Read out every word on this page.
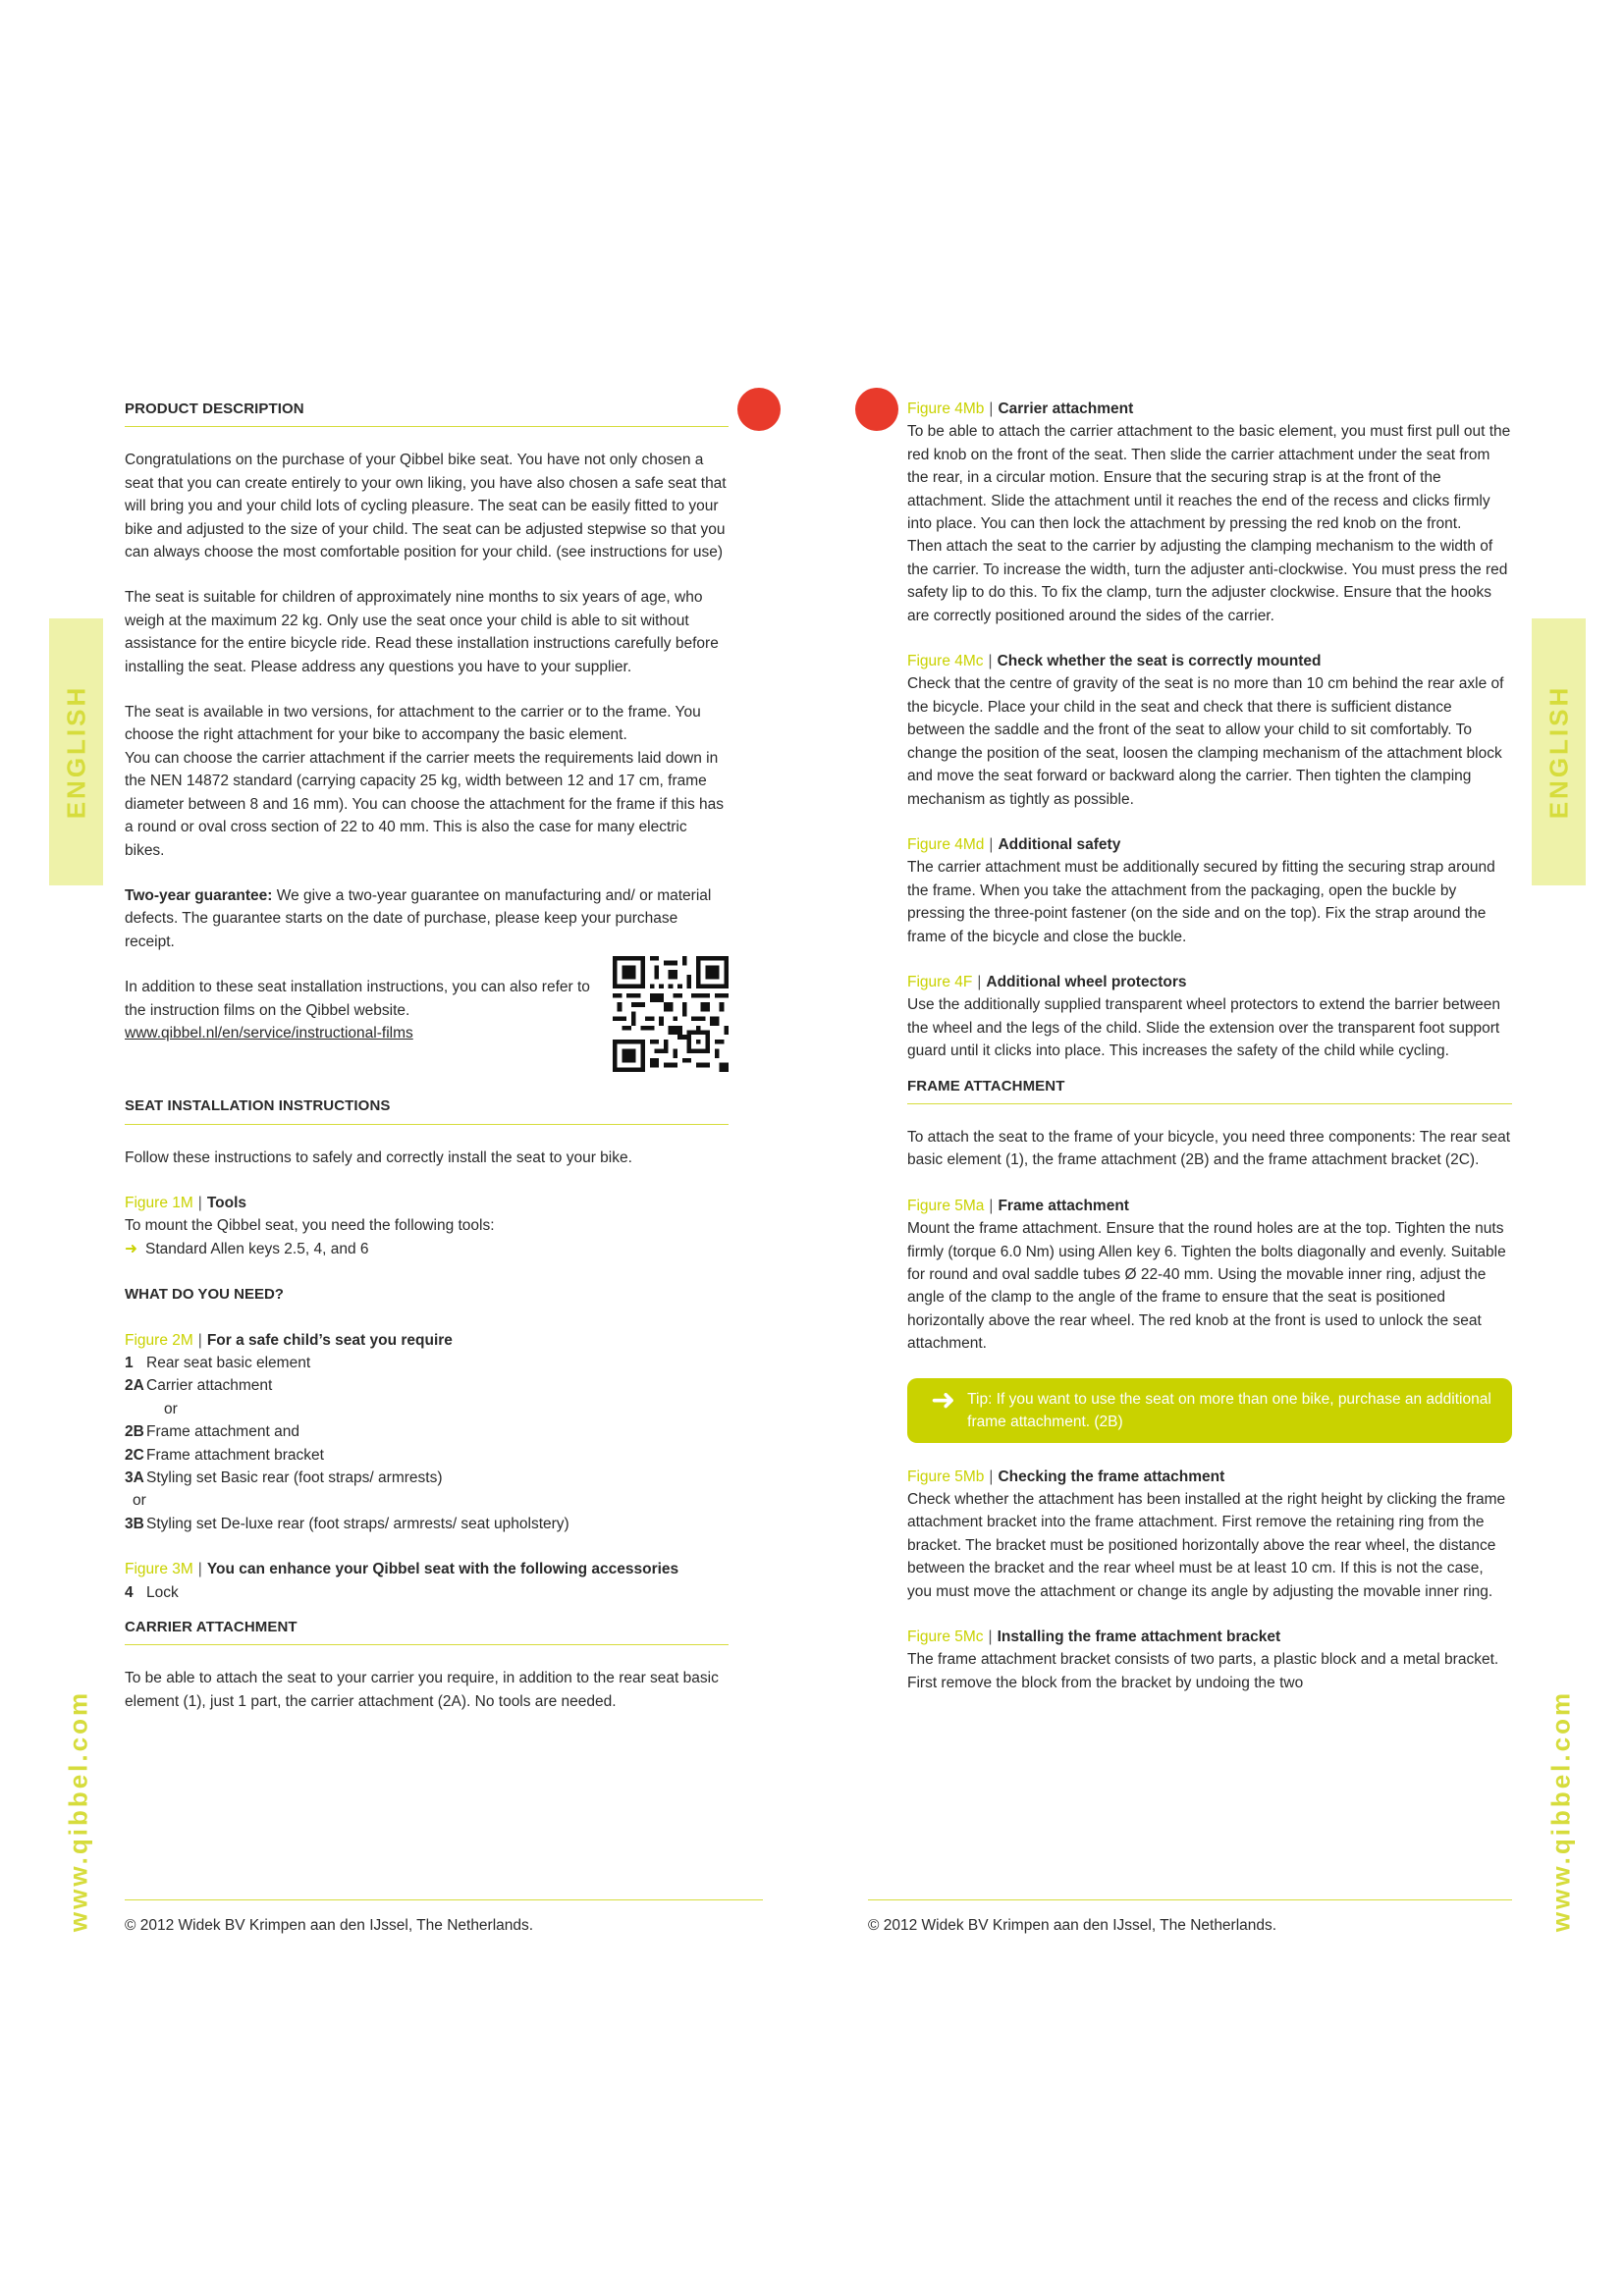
ENGLISH	ENGLISH
www.qibbel.com	www.qibbel.com
PRODUCT DESCRIPTION

Congratulations on the purchase of your Qibbel bike seat. You have not only chosen a seat that you can create entirely to your own liking, you have also chosen a safe seat that will bring you and your child lots of cycling pleasure. The seat can be easily fitted to your bike and adjusted to the size of your child. The seat can be adjusted stepwise so that you can always choose the most comfortable position for your child. (see instructions for use)

The seat is suitable for children of approximately nine months to six years of age, who weigh at the maximum 22 kg. Only use the seat once your child is able to sit without assistance for the entire bicycle ride. Read these installation instructions carefully before installing the seat. Please address any questions you have to your supplier.

The seat is available in two versions, for attachment to the carrier or to the frame. You choose the right attachment for your bike to accompany the basic element.

You can choose the carrier attachment if the carrier meets the requirements laid down in the NEN 14872 standard (carrying capacity 25 kg, width between 12 and 17 cm, frame diameter between 8 and 16 mm). You can choose the attachment for the frame if this has a round or oval cross section of 22 to 40 mm. This is also the case for many electric bikes.

Two-year guarantee: We give a two-year guarantee on manufacturing and/ or material defects. The guarantee starts on the date of purchase, please keep your purchase receipt.

In addition to these seat installation instructions, you can also refer to the instruction films on the Qibbel website.

www.qibbel.nl/en/service/instructional-films

SEAT INSTALLATION INSTRUCTIONS

Follow these instructions to safely and correctly install the seat to your bike.

Figure 1M | Tools

To mount the Qibbel seat, you need the following tools:

➜ Standard Allen keys 2.5, 4, and 6

WHAT DO YOU NEED?

Figure 2M | For a safe child’s seat you require

1 Rear seat basic element

2A Carrier attachment

or

2B Frame attachment and

2C Frame attachment bracket

3A Styling set Basic rear (foot straps/ armrests)

or

3B Styling set De-luxe rear (foot straps/ armrests/ seat upholstery)

Figure 3M | You can enhance your Qibbel seat with the following accessories

4 Lock

CARRIER ATTACHMENT

To be able to attach the seat to your carrier you require, in addition to the rear seat basic element (1), just 1 part, the carrier attachment (2A). No tools are needed.

Figure 4Mb | Carrier attachment

To be able to attach the carrier attachment to the basic element, you must first pull out the red knob on the front of the seat. Then slide the carrier attachment under the seat from the rear, in a circular motion. Ensure that the securing strap is at the front of the attachment. Slide the attachment until it reaches the end of the recess and clicks firmly into place. You can then lock the attachment by pressing the red knob on the front.

Then attach the seat to the carrier by adjusting the clamping mechanism to the width of the carrier. To increase the width, turn the adjuster anti-clockwise. You must press the red safety lip to do this. To fix the clamp, turn the adjuster clockwise. Ensure that the hooks are correctly positioned around the sides of the carrier.

Figure 4Mc | Check whether the seat is correctly mounted

Check that the centre of gravity of the seat is no more than 10 cm behind the rear axle of the bicycle. Place your child in the seat and check that there is sufficient distance between the saddle and the front of the seat to allow your child to sit comfortably. To change the position of the seat, loosen the clamping mechanism of the attachment block and move the seat forward or backward along the carrier. Then tighten the clamping mechanism as tightly as possible.

Figure 4Md | Additional safety

The carrier attachment must be additionally secured by fitting the securing strap around the frame. When you take the attachment from the packaging, open the buckle by pressing the three-point fastener (on the side and on the top). Fix the strap around the frame of the bicycle and close the buckle.

Figure 4F | Additional wheel protectors

Use the additionally supplied transparent wheel protectors to extend the barrier between the wheel and the legs of the child. Slide the extension over the transparent foot support guard until it clicks into place. This increases the safety of the child while cycling.

FRAME ATTACHMENT

To attach the seat to the frame of your bicycle, you need three components: The rear seat basic element (1), the frame attachment (2B) and the frame attachment bracket (2C).

Figure 5Ma | Frame attachment

Mount the frame attachment. Ensure that the round holes are at the top. Tighten the nuts firmly (torque 6.0 Nm) using Allen key 6. Tighten the bolts diagonally and evenly. Suitable for round and oval saddle tubes Ø 22-40 mm. Using the movable inner ring, adjust the angle of the clamp to the angle of the frame to ensure that the seat is positioned horizontally above the rear wheel. The red knob at the front is used to unlock the seat attachment.

➜ Tip: If you want to use the seat on more than one bike, purchase an additional frame attachment. (2B)

Figure 5Mb | Checking the frame attachment

Check whether the attachment has been installed at the right height by clicking the frame attachment bracket into the frame attachment. First remove the retaining ring from the bracket. The bracket must be positioned horizontally above the rear wheel, the distance between the bracket and the rear wheel must be at least 10 cm. If this is not the case, you must move the attachment or change its angle by adjusting the movable inner ring.

Figure 5Mc | Installing the frame attachment bracket

The frame attachment bracket consists of two parts, a plastic block and a metal bracket. First remove the block from the bracket by undoing the two

© 2012 Widek BV Krimpen aan den IJssel, The Netherlands.	© 2012 Widek BV Krimpen aan den IJssel, The Netherlands.
